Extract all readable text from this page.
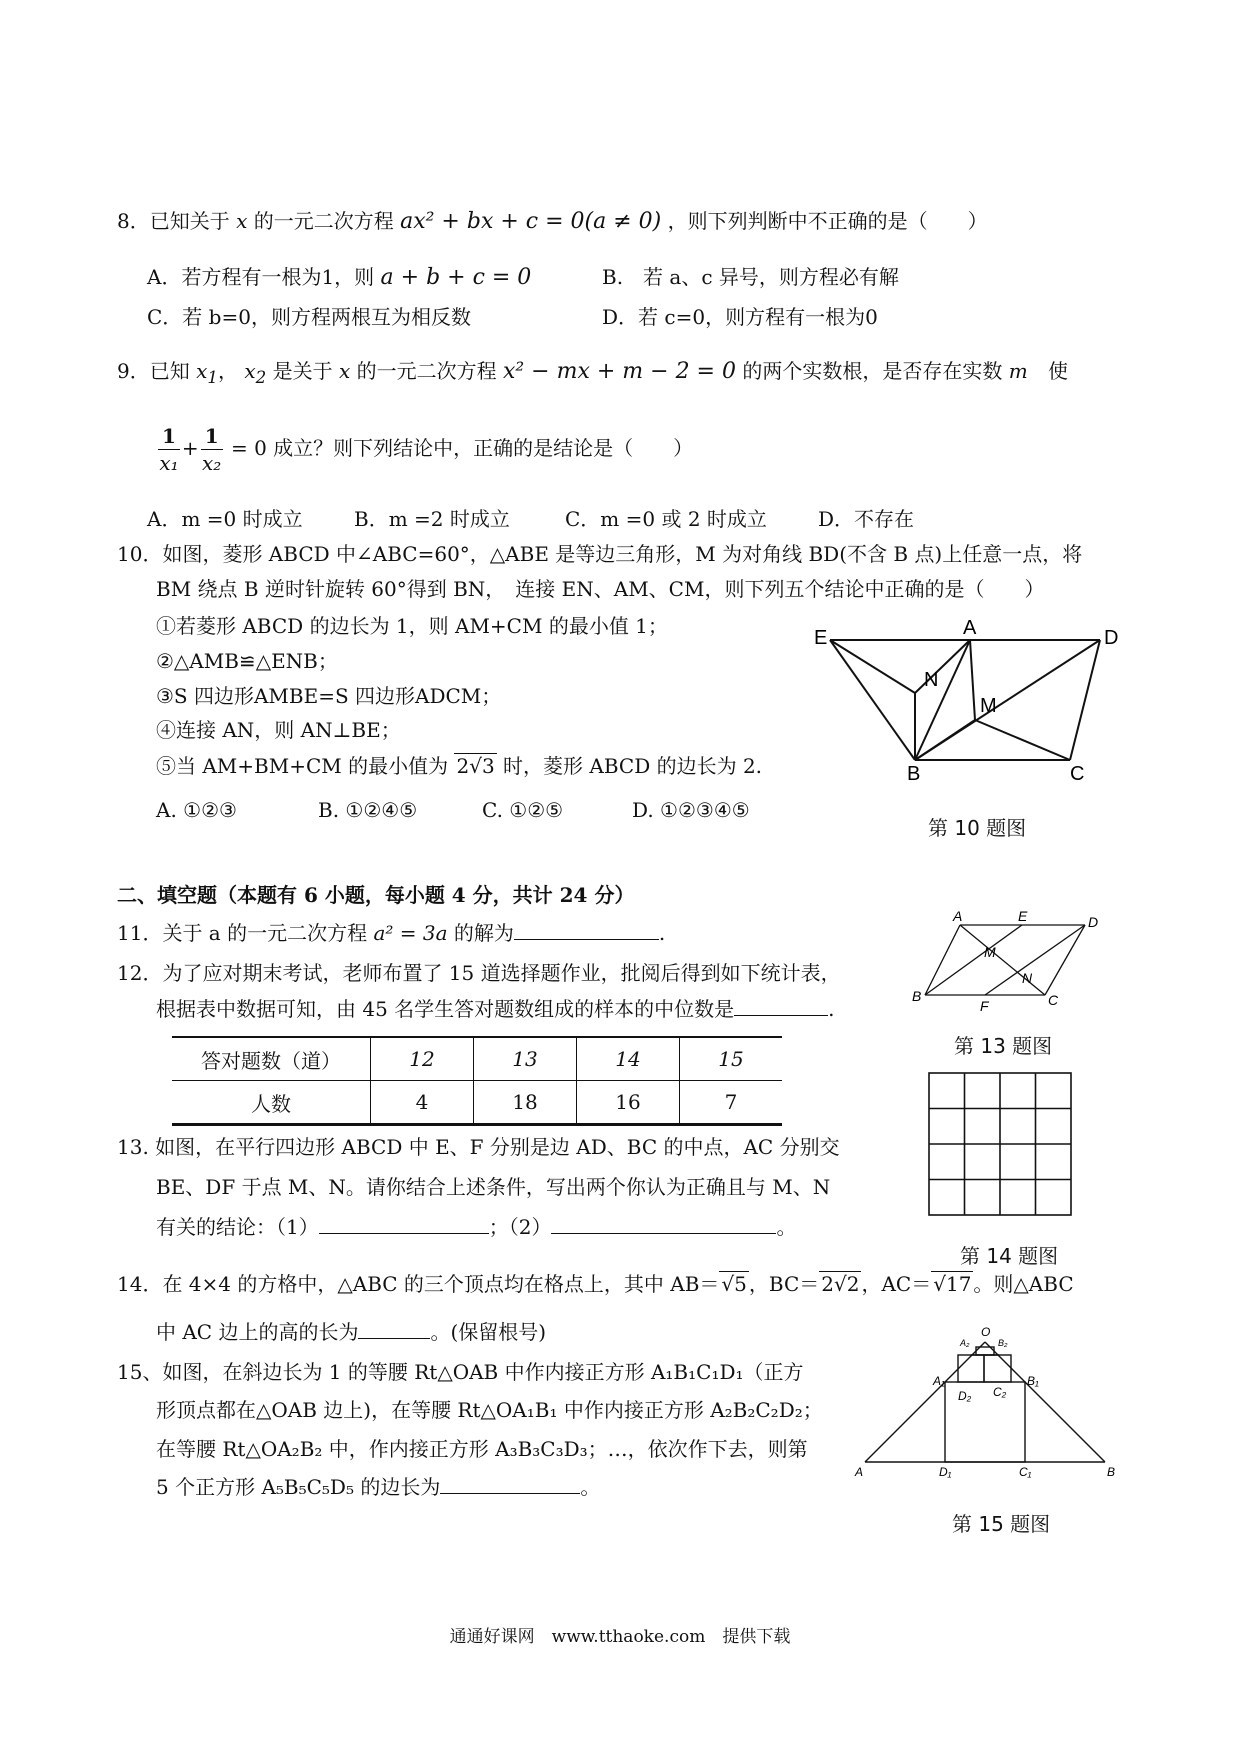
8．已知关于 x 的一元二次方程 ax² + bx + c = 0(a ≠ 0) ，则下列判断中不正确的是（　　）
A．若方程有一根为1，则 a + b + c = 0	B.　若 a、c 异号，则方程必有解
C．若 b=0，则方程两根互为相反数	D．若 c=0，则方程有一根为0
9．已知 $x_1$， $x_2$ 是关于 x 的一元二次方程 x² − mx + m − 2 = 0 的两个实数根，是否存在实数 m 使
$\frac{1}{\text{x₁}} + \frac{1}{\text{x₂}} = 0$ 成立？则下列结论中，正确的是结论是（　　）
A．m =0 时成立	B．m =2 时成立	C．m =0 或 2 时成立	D．不存在
10．如图，菱形 ABCD 中∠ABC=60°，△ABE 是等边三角形，M 为对角线 BD(不含 B 点)上任意一点，将
BM 绕点 B 逆时针旋转 60°得到 BN，　连接 EN、AM、CM，则下列五个结论中正确的是（　　）
①若菱形 ABCD 的边长为 1，则 AM+CM 的最小值 1；
②△AMB≌△ENB；
③S 四边形AMBE=S 四边形ADCM；
④连接 AN，则 AN⊥BE；
⑤当 AM+BM+CM 的最小值为 2√3 时，菱形 ABCD 的边长为 2.
A. ①②③	B. ①②④⑤	C. ①②⑤	D. ①②③④⑤
E	A	D
N
M
B	C
第 10 题图
二、填空题（本题有 6 小题，每小题 4 分，共计 24 分）
11．关于 a 的一元二次方程 a² = 3a 的解为	.
12．为了应对期末考试，老师布置了 15 道选择题作业，批阅后得到如下统计表，
根据表中数据可知，由 45 名学生答对题数组成的样本的中位数是	.
答对题数（道）	12	13	14	15
人数	4	18	16	7
A	E	D
M
N
B
F	C
第 13 题图
13. 如图，在平行四边形 ABCD 中 E、F 分别是边 AD、BC 的中点，AC 分别交
BE、DF 于点 M、N。请你结合上述条件，写出两个你认为正确且与 M、N
有关的结论：（1）	；（2）	。
第 14 题图
14．在 4×4 的方格中，△ABC 的三个顶点均在格点上，其中 AB＝ √5 ，BC＝ 2√2 ，AC＝ √17 。则△ABC
中 AC 边上的高的长为	。(保留根号)
15、如图，在斜边长为 1 的等腰 Rt△OAB 中作内接正方形 A₁B₁C₁D₁（正方
形顶点都在△OAB 边上)，在等腰 Rt△OA₁B₁ 中作内接正方形 A₂B₂C₂D₂；
在等腰 Rt△OA₂B₂ 中，作内接正方形 A₃B₃C₃D₃；…，依次作下去，则第
5 个正方形 A₅B₅C₅D₅ 的边长为	。
O
A₂	B₂
A₁	B₁
D₂ C₂
A	D₁	C₁	B
第 15 题图
通通好课网　www.tthaoke.com　提供下载
